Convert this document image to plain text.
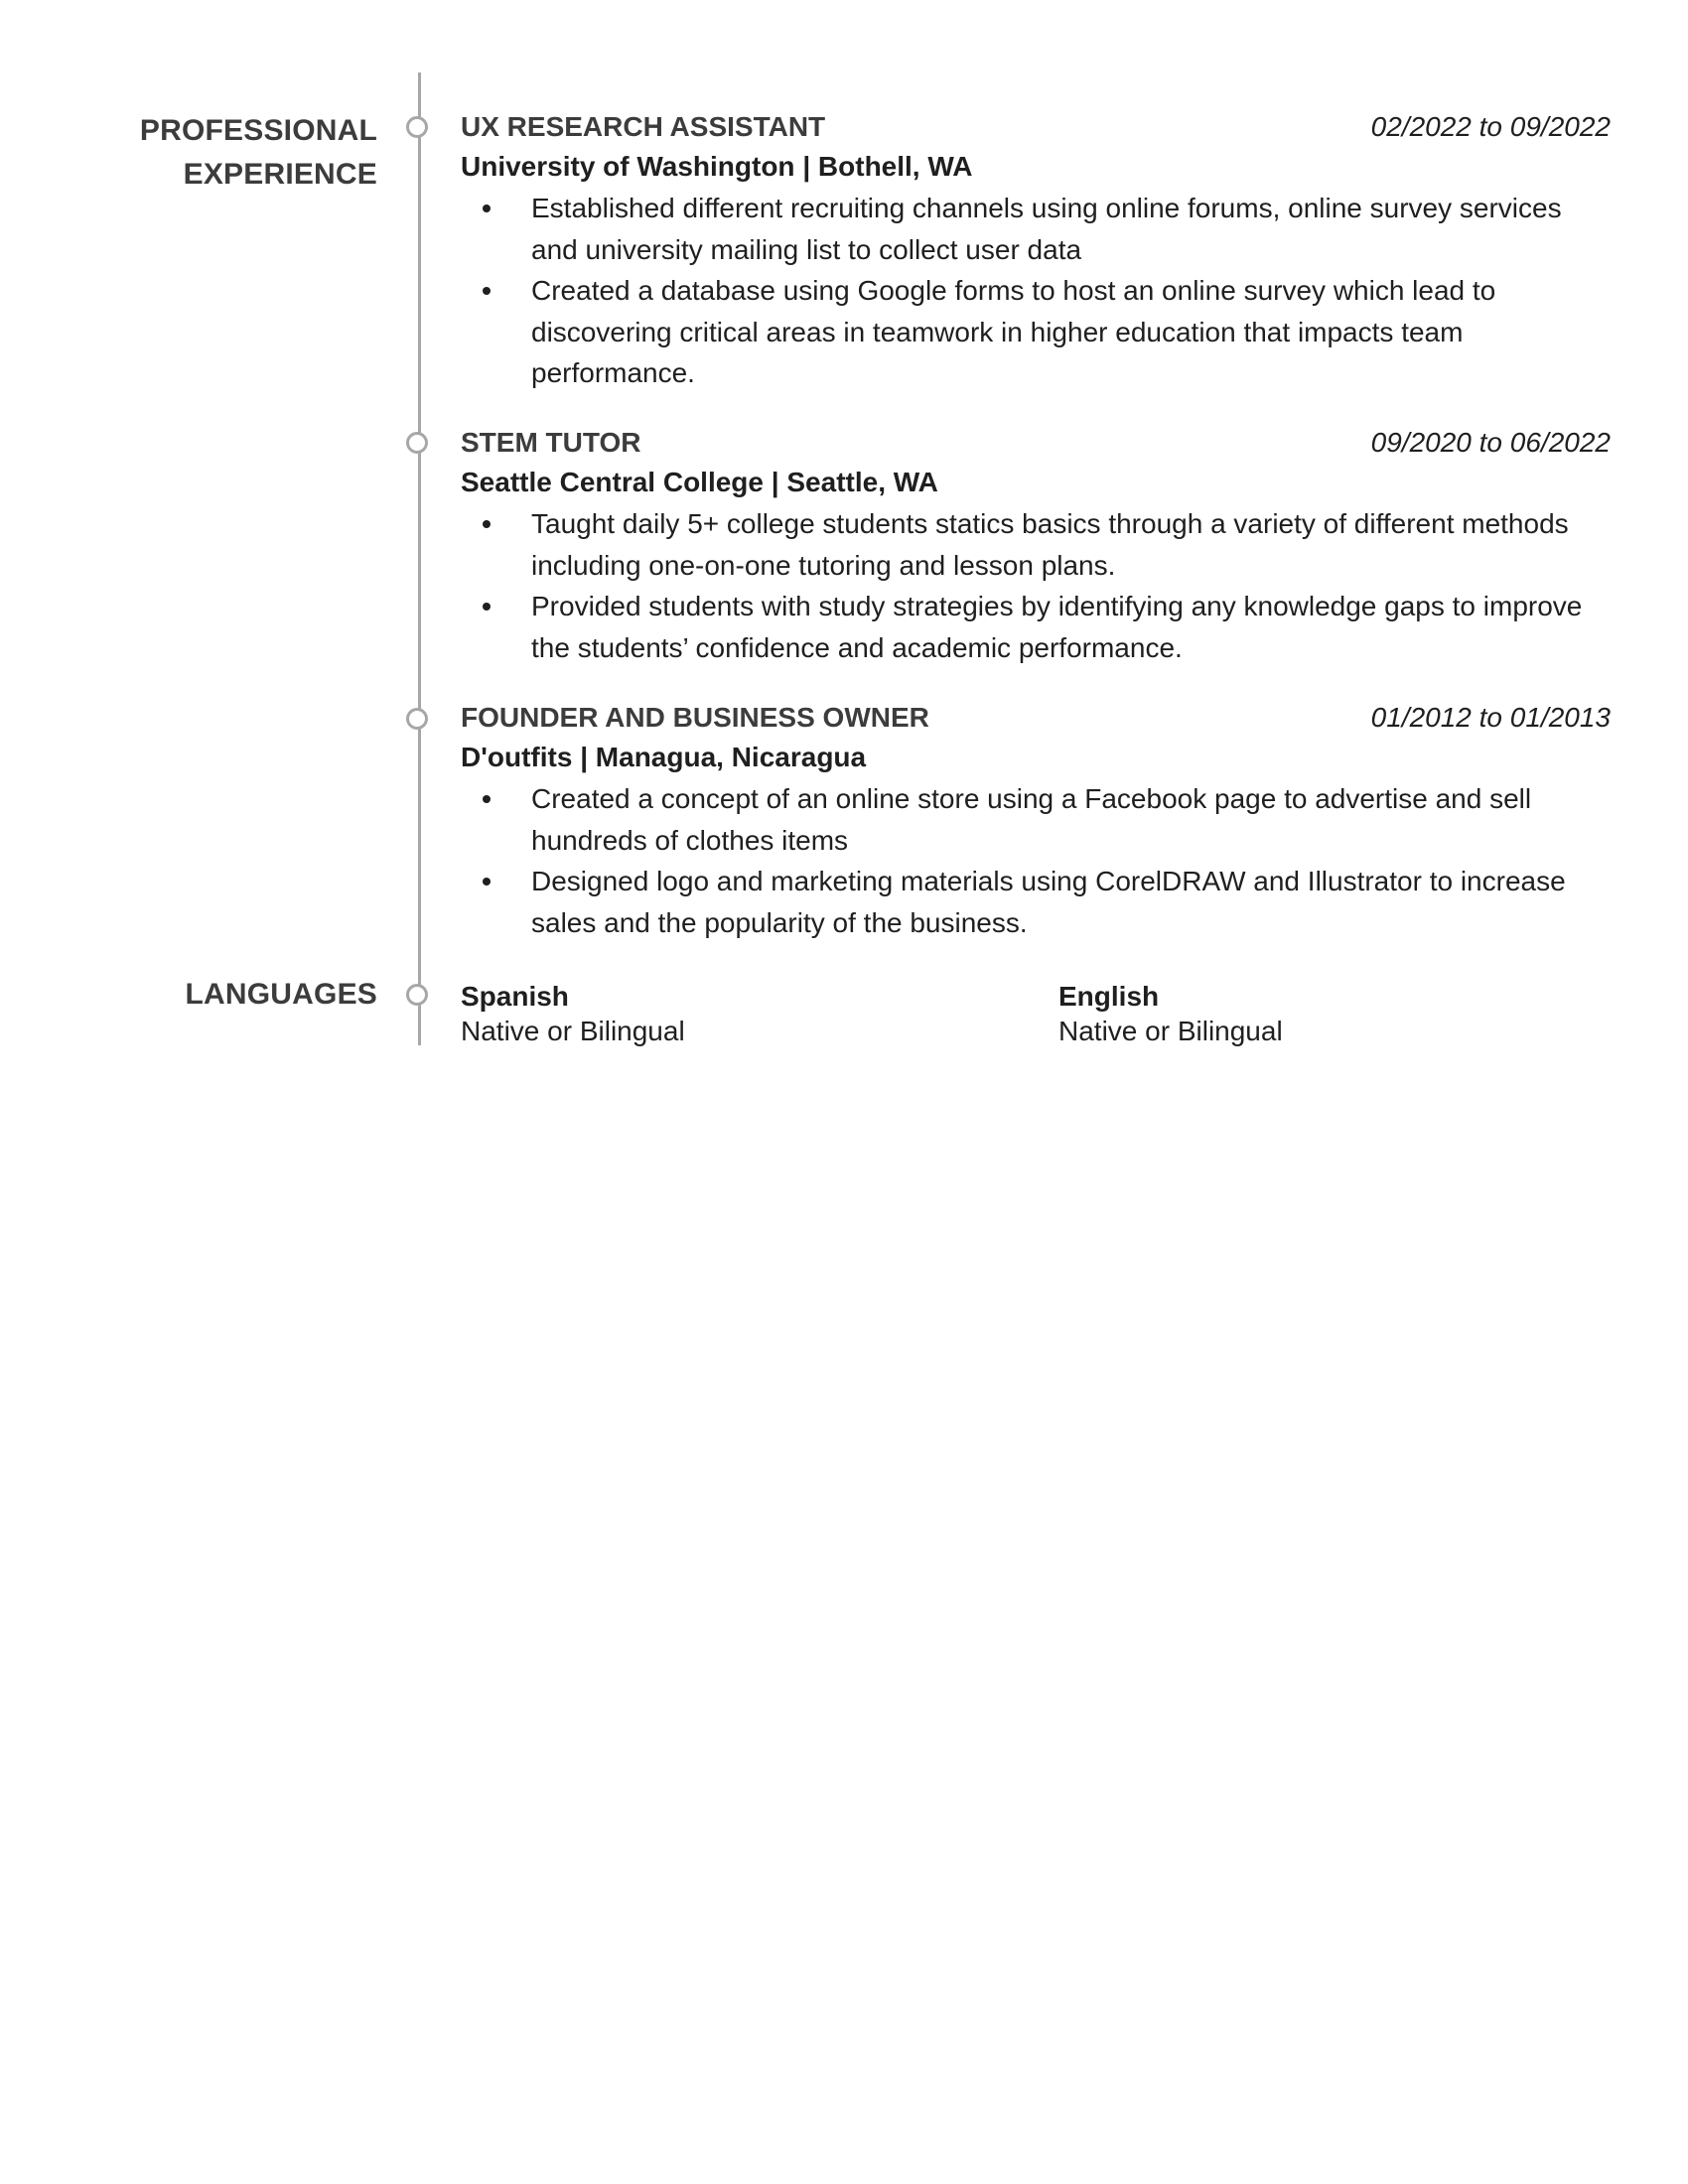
PROFESSIONAL
EXPERIENCE
UX RESEARCH ASSISTANT	02/2022 to 09/2022
University of Washington | Bothell, WA
Established different recruiting channels using online forums, online survey services and university mailing list to collect user data
Created a database using Google forms to host an online survey which lead to discovering critical areas in teamwork in higher education that impacts team performance.
STEM TUTOR	09/2020 to 06/2022
Seattle Central College | Seattle, WA
Taught daily 5+ college students statics basics through a variety of different methods including one-on-one tutoring and lesson plans.
Provided students with study strategies by identifying any knowledge gaps to improve the students’ confidence and academic performance.
FOUNDER AND BUSINESS OWNER	01/2012 to 01/2013
D'outfits | Managua, Nicaragua
Created a concept of an online store using a Facebook page to advertise and sell hundreds of clothes items
Designed logo and marketing materials using CorelDRAW and Illustrator to increase sales and the popularity of the business.
LANGUAGES	Spanish
Native or Bilingual
English
Native or Bilingual
